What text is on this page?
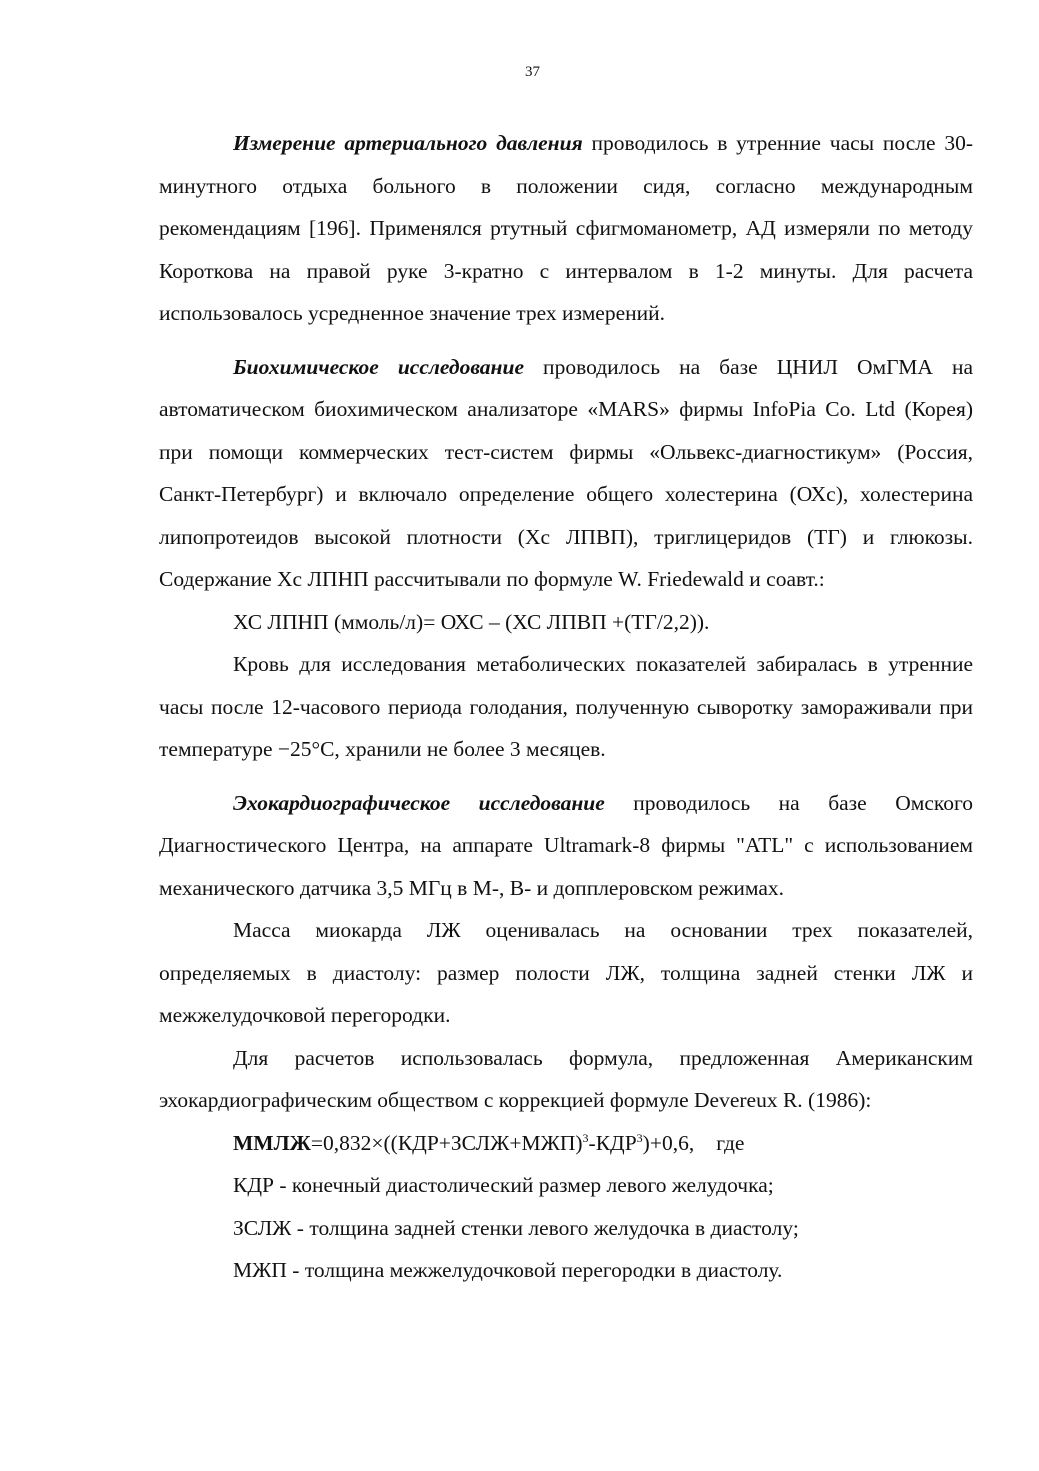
37

Измерение артериального давления проводилось в утренние часы после 30-минутного отдыха больного в положении сидя, согласно международным рекомендациям [196]. Применялся ртутный сфигмоманометр, АД измеряли по методу Короткова на правой руке 3-кратно с интервалом в 1-2 минуты. Для расчета использовалось усредненное значение трех измерений.

Биохимическое исследование проводилось на базе ЦНИЛ ОмГМА на автоматическом биохимическом анализаторе «MARS» фирмы InfoPia Co. Ltd (Корея) при помощи коммерческих тест-систем фирмы «Ольвекс-диагностикум» (Россия, Санкт-Петербург) и включало определение общего холестерина (ОХс), холестерина липопротеидов высокой плотности (Хс ЛПВП), триглицеридов (ТГ) и глюкозы. Содержание Хс ЛПНП рассчитывали по формуле W. Friedewald и соавт.:

ХС ЛПНП (ммоль/л)= ОХС – (ХС ЛПВП +(ТГ/2,2)).

Кровь для исследования метаболических показателей забиралась в утренние часы после 12-часового периода голодания, полученную сыворотку замораживали при температуре −25°С, хранили не более 3 месяцев.

Эхокардиографическое исследование проводилось на базе Омского Диагностического Центра, на аппарате Ultramark-8 фирмы "ATL" с использованием механического датчика 3,5 МГц в М-, В- и допплеровском режимах.

Масса миокарда ЛЖ оценивалась на основании трех показателей, определяемых в диастолу: размер полости ЛЖ, толщина задней стенки ЛЖ и межжелудочковой перегородки.

Для расчетов использовалась формула, предложенная Американским эхокардиографическим обществом с коррекцией формуле Devereux R. (1986):

$ММЛЖ=0,832\times((КДР+ЗСЛЖ+МЖП)^3-КДР^3)+0,6$, где

КДР - конечный диастолический размер левого желудочка;

ЗСЛЖ - толщина задней стенки левого желудочка в диастолу;

МЖП - толщина межжелудочковой перегородки в диастолу.
